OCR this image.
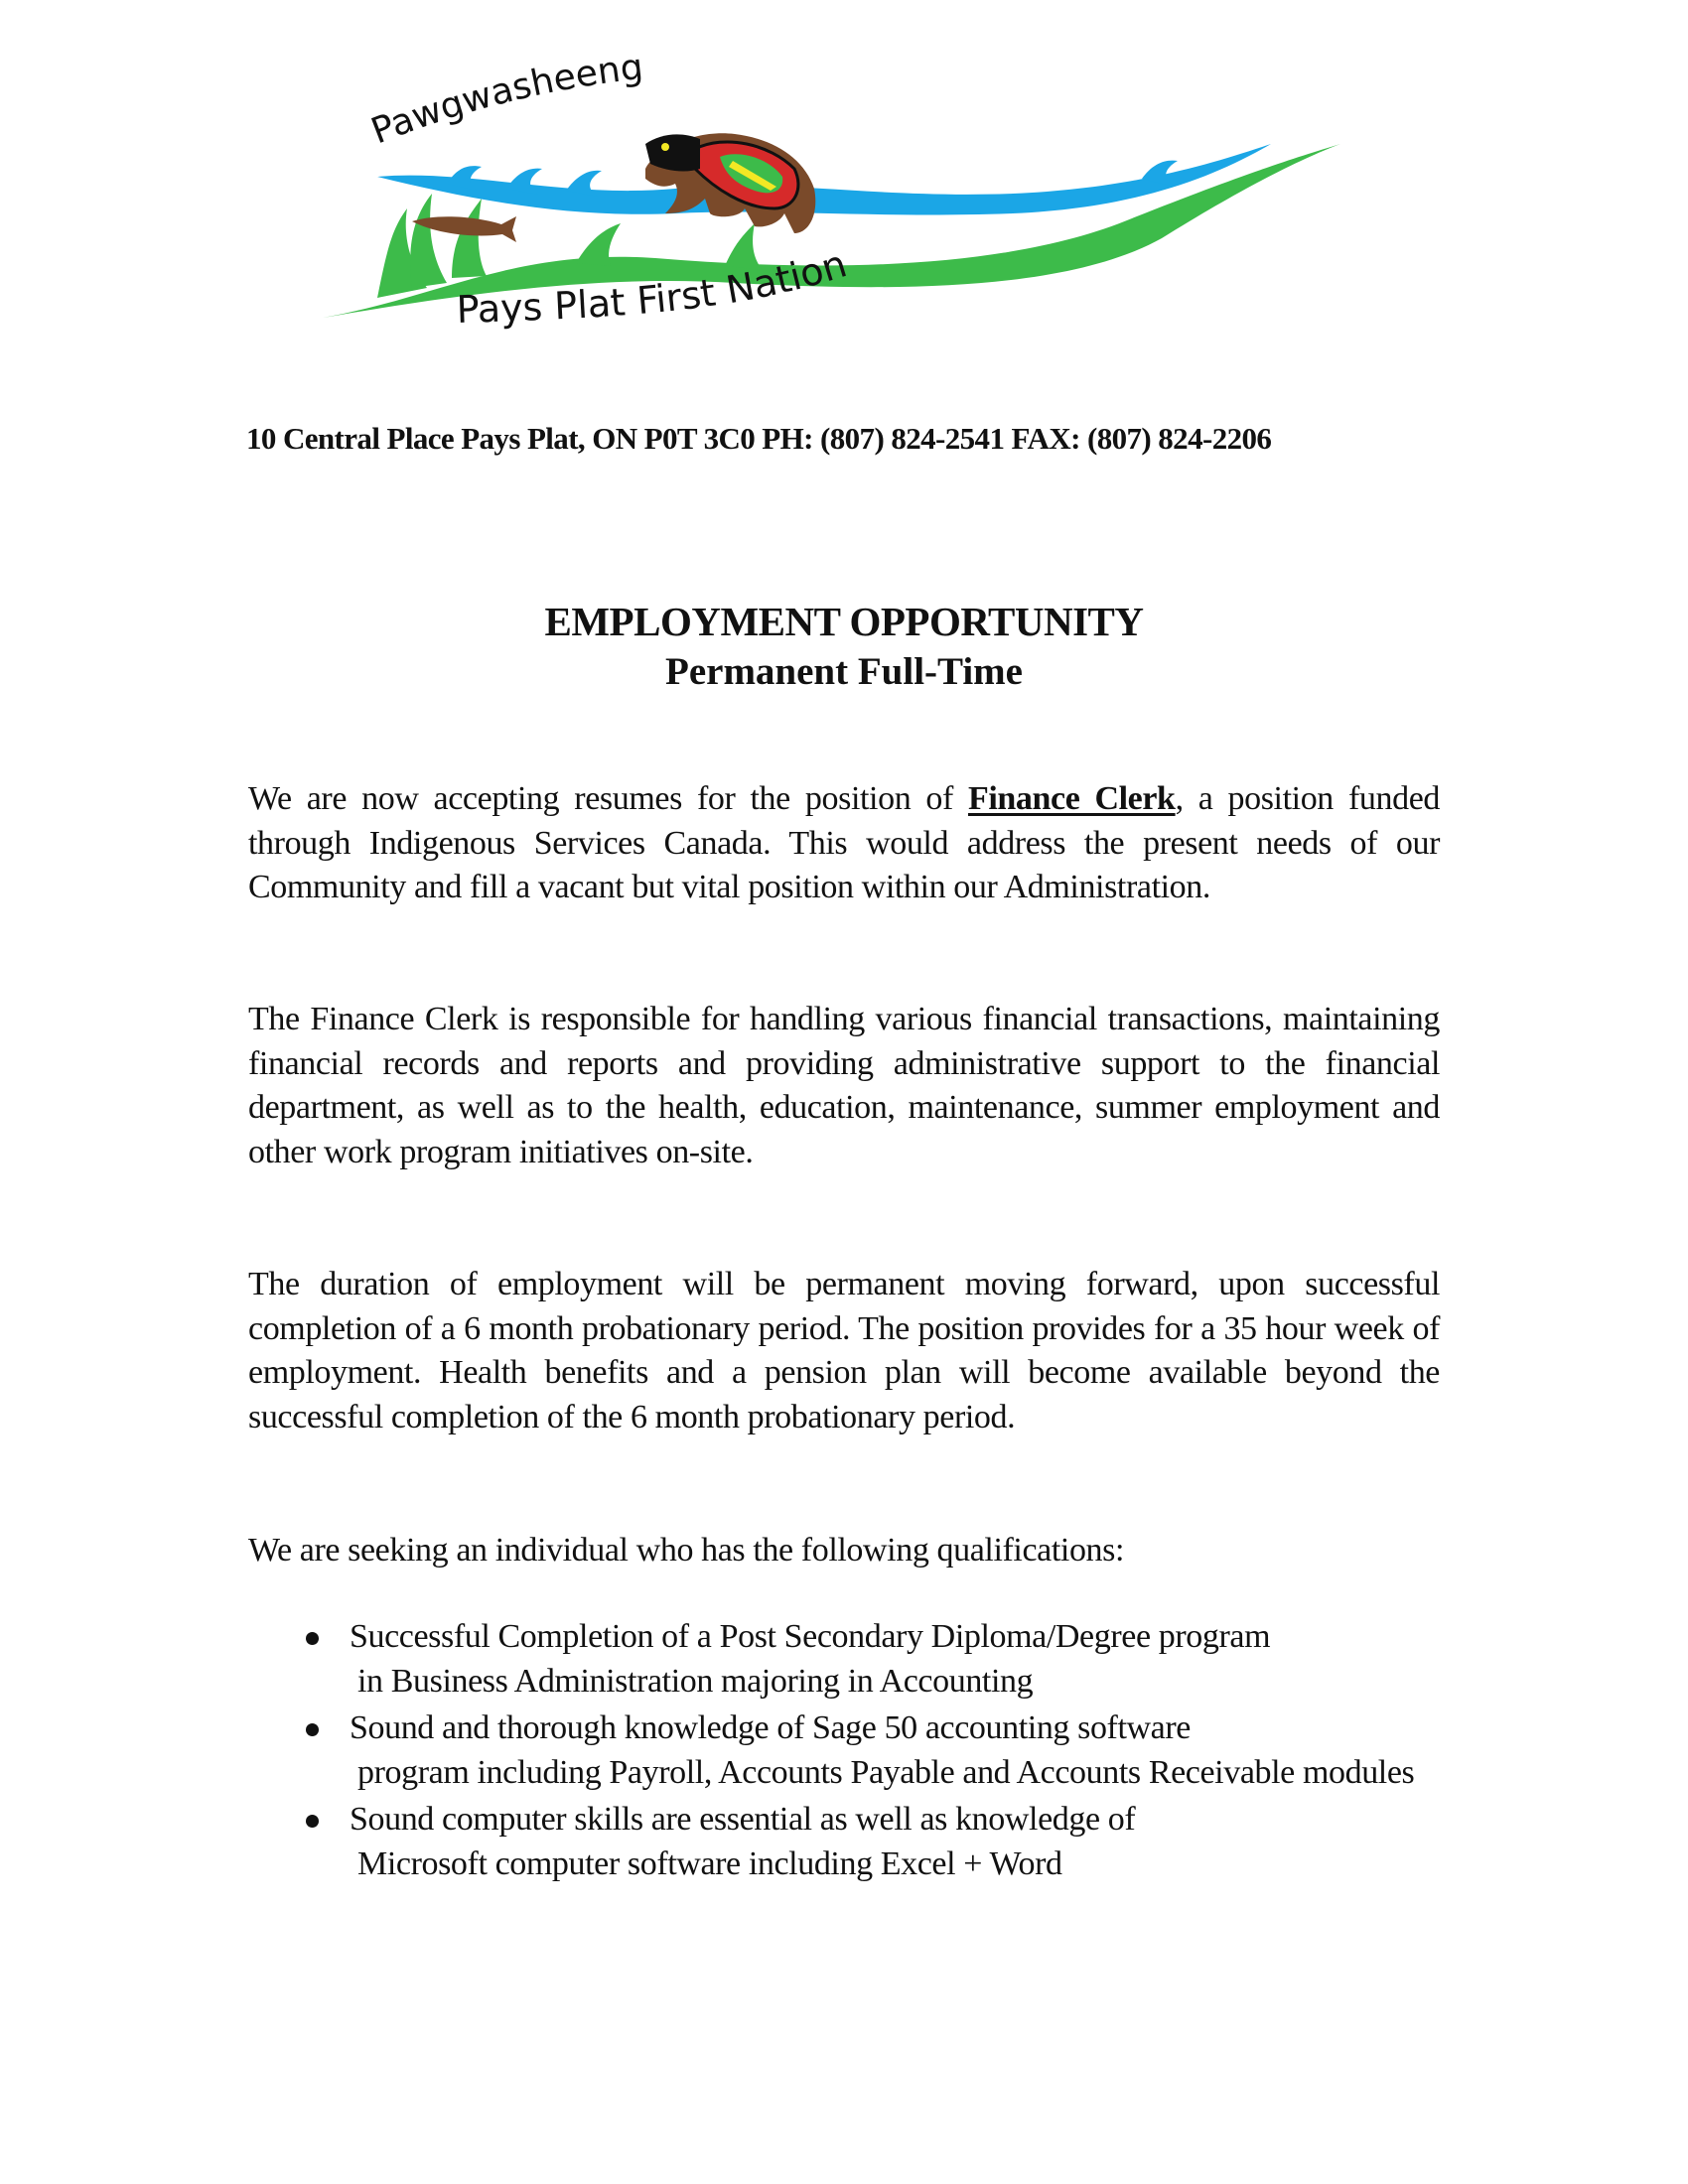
Pawgwasheeng
Pays Plat First Nation
10 Central Place Pays Plat, ON P0T 3C0 PH: (807) 824-2541 FAX: (807) 824-2206
EMPLOYMENT OPPORTUNITY
Permanent Full-Time
We are now accepting resumes for the position of Finance Clerk, a position funded through Indigenous Services Canada. This would address the present needs of our Community and fill a vacant but vital position within our Administration.
The Finance Clerk is responsible for handling various financial transactions, maintaining financial records and reports and providing administrative support to the financial department, as well as to the health, education, maintenance, summer employment and other work program initiatives on-site.
The duration of employment will be permanent moving forward, upon successful completion of a 6 month probationary period. The position provides for a 35 hour week of employment. Health benefits and a pension plan will become available beyond the successful completion of the 6 month probationary period.
We are seeking an individual who has the following qualifications:
Successful Completion of a Post Secondary Diploma/Degree program
in Business Administration majoring in Accounting
Sound and thorough knowledge of Sage 50 accounting software
program including Payroll, Accounts Payable and Accounts Receivable modules
Sound computer skills are essential as well as knowledge of
Microsoft computer software including Excel + Word
